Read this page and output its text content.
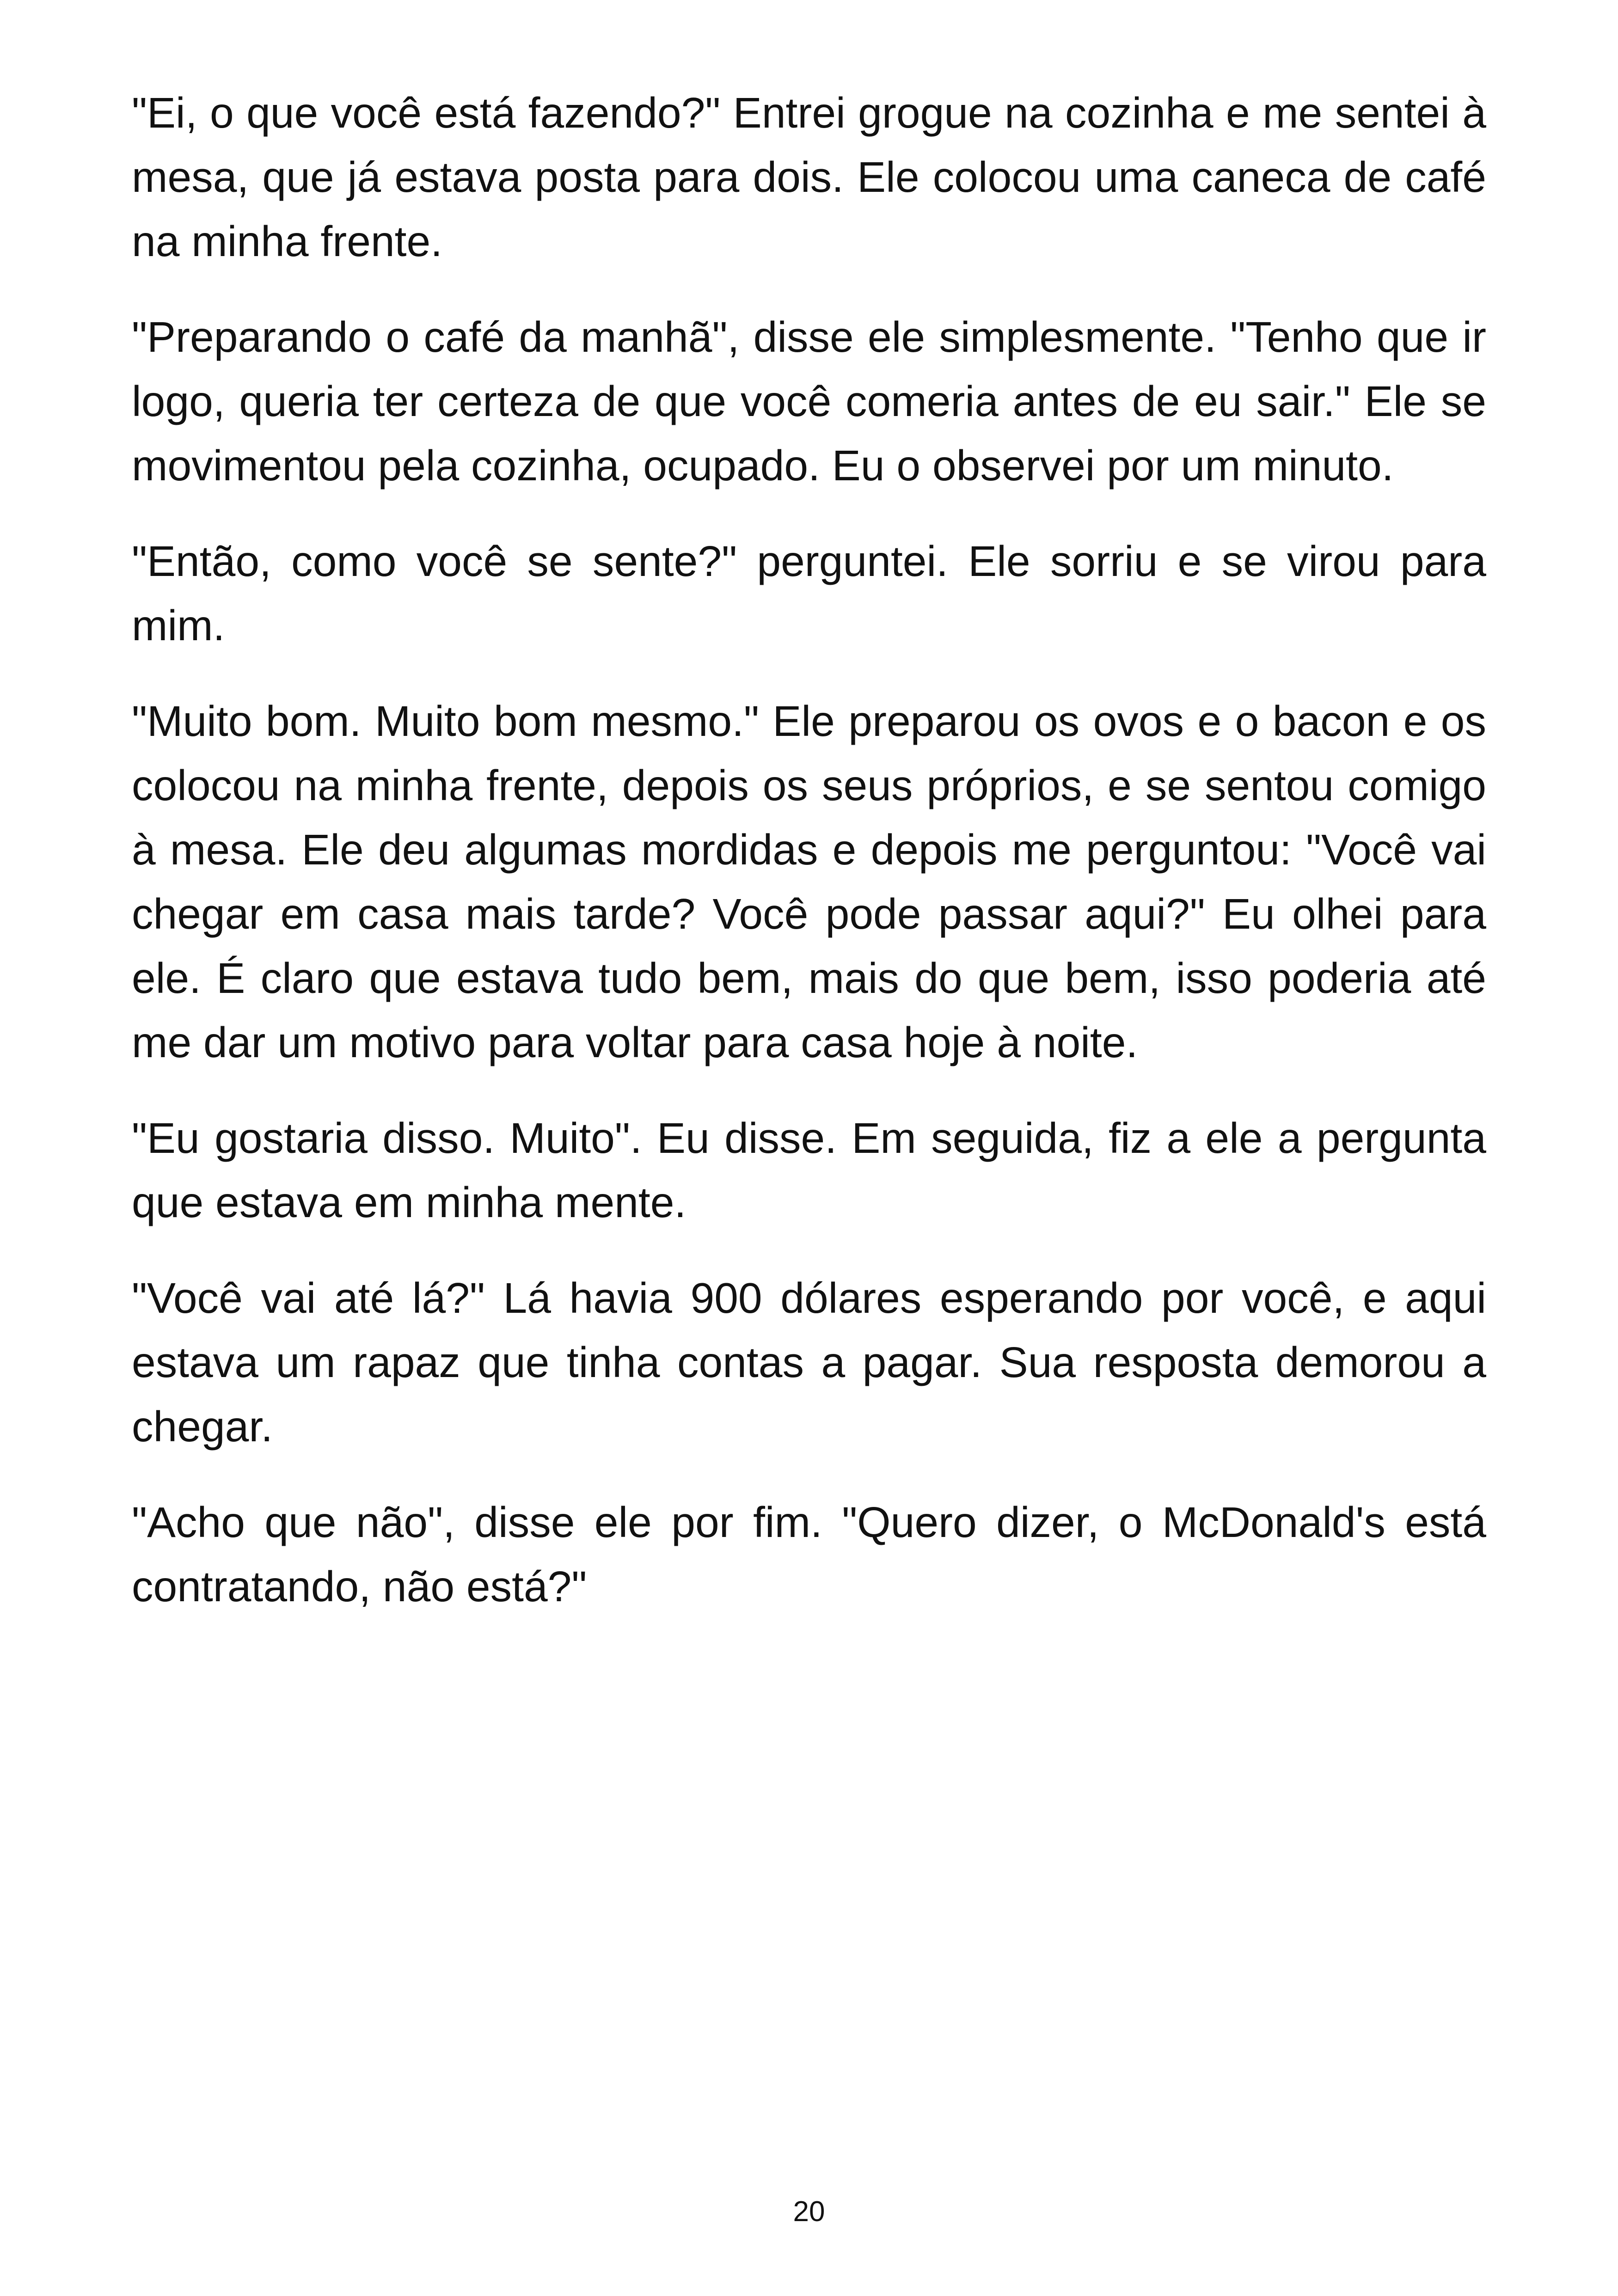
"Ei, o que você está fazendo?" Entrei grogue na cozinha e me sentei à mesa, que já estava posta para dois. Ele colocou uma caneca de café na minha frente.

"Preparando o café da manhã", disse ele simplesmente. "Tenho que ir logo, queria ter certeza de que você comeria antes de eu sair." Ele se movimentou pela cozinha, ocupado. Eu o observei por um minuto.

"Então, como você se sente?" perguntei. Ele sorriu e se virou para mim.

"Muito bom. Muito bom mesmo." Ele preparou os ovos e o bacon e os colocou na minha frente, depois os seus próprios, e se sentou comigo à mesa. Ele deu algumas mordidas e depois me perguntou: "Você vai chegar em casa mais tarde? Você pode passar aqui?" Eu olhei para ele. É claro que estava tudo bem, mais do que bem, isso poderia até me dar um motivo para voltar para casa hoje à noite.

"Eu gostaria disso. Muito". Eu disse. Em seguida, fiz a ele a pergunta que estava em minha mente.

"Você vai até lá?" Lá havia 900 dólares esperando por você, e aqui estava um rapaz que tinha contas a pagar. Sua resposta demorou a chegar.

"Acho que não", disse ele por fim. "Quero dizer, o McDonald's está contratando, não está?"

20
